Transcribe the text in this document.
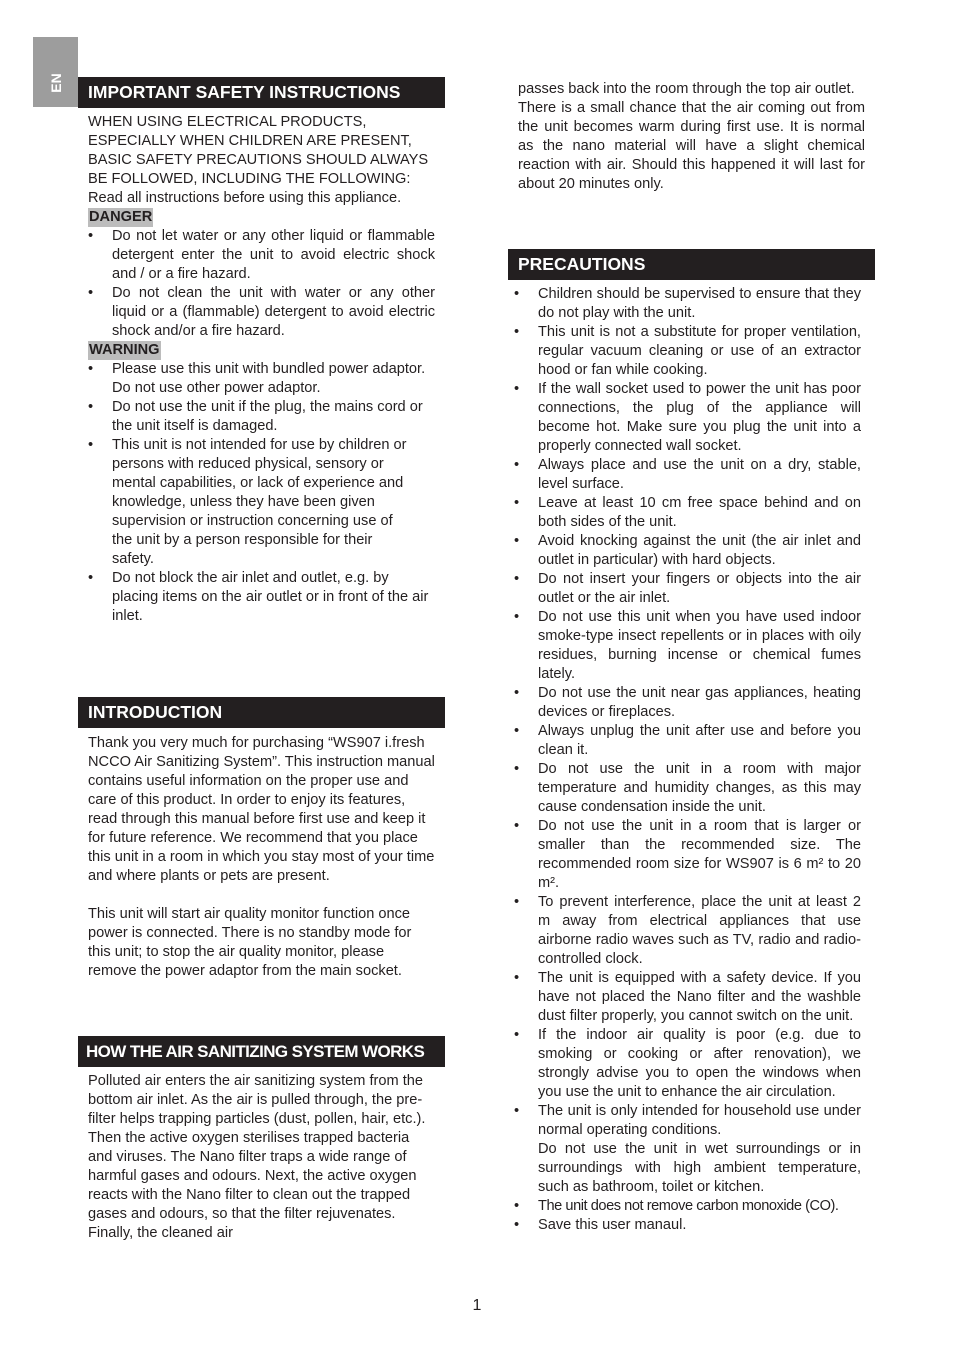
EN	IMPORTANT SAFETY INSTRUCTIONS

WHEN USING ELECTRICAL PRODUCTS, ESPECIALLY WHEN CHILDREN ARE PRESENT, BASIC SAFETY PRECAUTIONS SHOULD ALWAYS BE FOLLOWED, INCLUDING THE FOLLOWING:

Read all instructions before using this appliance.

DANGER
• Do not let water or any other liquid or flammable detergent enter the unit to avoid electric shock and / or a fire hazard.
• Do not clean the unit with water or any other liquid or a (flammable) detergent to avoid electric shock and/or a fire hazard.
WARNING
• Please use this unit with bundled power adaptor. Do not use other power adaptor.
• Do not use the unit if the plug, the mains cord or the unit itself is damaged.
• This unit is not intended for use by children or persons with reduced physical, sensory or mental capabilities, or lack of experience and knowledge, unless they have been given supervision or instruction concerning use of the unit by a person responsible for their safety.
• Do not block the air inlet and outlet, e.g. by placing items on the air outlet or in front of the air inlet.
INTRODUCTION

Thank you very much for purchasing “WS907 i.fresh NCCO Air Sanitizing System”. This instruction manual contains useful information on the proper use and care of this product. In order to enjoy its features, read through this manual before first use and keep it for future reference. We recommend that you place this unit in a room in which you stay most of your time and where plants or pets are present.

This unit will start air quality monitor function once power is connected. There is no standby mode for this unit; to stop the air quality monitor, please remove the power adaptor from the main socket.

HOW THE AIR SANITIZING SYSTEM WORKS

Polluted air enters the air sanitizing system from the bottom air inlet. As the air is pulled through, the pre-filter helps trapping particles (dust, pollen, hair, etc.). Then the active oxygen sterilises trapped bacteria and viruses. The Nano filter traps a wide range of harmful gases and odours. Next, the active oxygen reacts with the Nano filter to clean out the trapped gases and odours, so that the filter rejuvenates. Finally, the cleaned air

passes back into the room through the top air outlet.

There is a small chance that the air coming out from the unit becomes warm during first use. It is normal as the nano material will have a slight chemical reaction with air. Should this happened it will last for about 20 minutes only.

PRECAUTIONS
• Children should be supervised to ensure that they do not play with the unit.
• This unit is not a substitute for proper ventilation, regular vacuum cleaning or use of an extractor hood or fan while cooking.
• If the wall socket used to power the unit has poor connections, the plug of the appliance will become hot. Make sure you plug the unit into a properly connected wall socket.
• Always place and use the unit on a dry, stable, level surface.
• Leave at least 10 cm free space behind and on both sides of the unit.
• Avoid knocking against the unit (the air inlet and outlet in particular) with hard objects.
• Do not insert your fingers or objects into the air outlet or the air inlet.
• Do not use this unit when you have used indoor smoke-type insect repellents or in places with oily residues, burning incense or chemical fumes lately.
• Do not use the unit near gas appliances, heating devices or fireplaces.
• Always unplug the unit after use and before you clean it.
• Do not use the unit in a room with major temperature and humidity changes, as this may cause condensation inside the unit.
• Do not use the unit in a room that is larger or smaller than the recommended size. The recommended room size for WS907 is 6 m² to 20 m².
• To prevent interference, place the unit at least 2 m away from electrical appliances that use airborne radio waves such as TV, radio and radio-controlled clock.
• The unit is equipped with a safety device. If you have not placed the Nano filter and the washble dust filter properly, you cannot switch on the unit.
• If the indoor air quality is poor (e.g. due to smoking or cooking or after renovation), we strongly advise you to open the windows when you use the unit to enhance the air circulation.
• The unit is only intended for household use under normal operating conditions.
Do not use the unit in wet surroundings or in surroundings with high ambient temperature, such as bathroom, toilet or kitchen.
• The unit does not remove carbon monoxide (CO).
• Save this user manaul.
1
